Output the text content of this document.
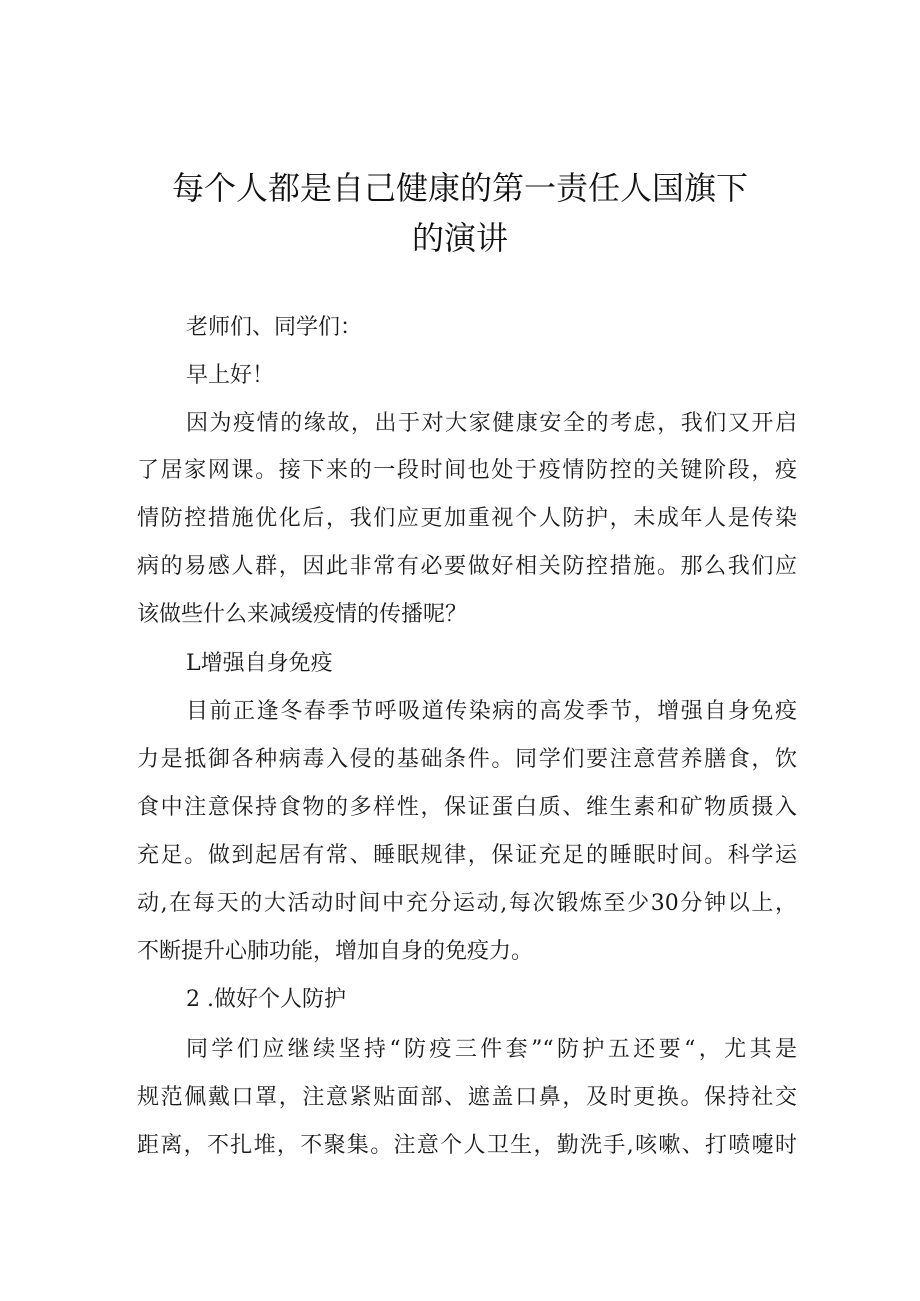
每个人都是自己健康的第一责任人国旗下
的演讲

老师们、同学们：

早上好！

因为疫情的缘故，出于对大家健康安全的考虑，我们又开启

了居家网课。接下来的一段时间也处于疫情防控的关键阶段，疫

情防控措施优化后，我们应更加重视个人防护，未成年人是传染

病的易感人群，因此非常有必要做好相关防控措施。那么我们应

该做些什么来减缓疫情的传播呢？

L增强自身免疫

目前正逢冬春季节呼吸道传染病的高发季节，增强自身免疫

力是抵御各种病毒入侵的基础条件。同学们要注意营养膳食，饮

食中注意保持食物的多样性，保证蛋白质、维生素和矿物质摄入

充足。做到起居有常、睡眠规律，保证充足的睡眠时间。科学运

动,在每天的大活动时间中充分运动,每次锻炼至少30分钟以上，

不断提升心肺功能，增加自身的免疫力。

2 .做好个人防护

同学们应继续坚持“防疫三件套”“防护五还要“，尤其是

规范佩戴口罩，注意紧贴面部、遮盖口鼻，及时更换。保持社交

距离，不扎堆，不聚集。注意个人卫生，勤洗手,咳嗽、打喷嚏时
